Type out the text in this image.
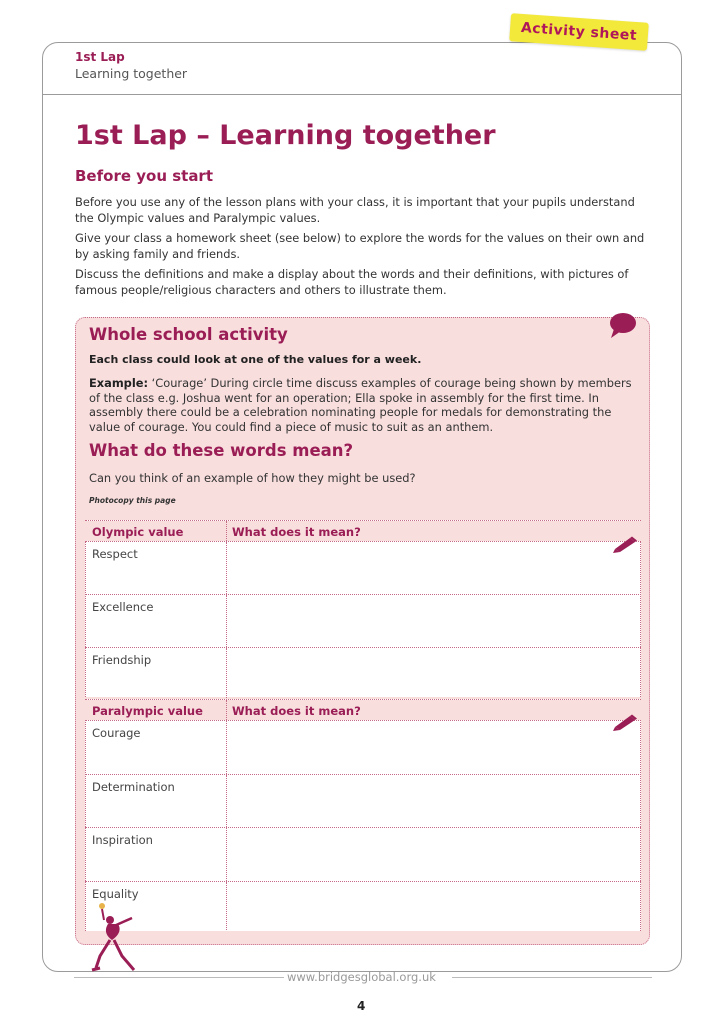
Activity sheet
1st Lap
Learning together
1st Lap – Learning together
Before you start

Before you use any of the lesson plans with your class, it is important that your pupils understand the Olympic values and Paralympic values.

Give your class a homework sheet (see below) to explore the words for the values on their own and by asking family and friends.

Discuss the definitions and make a display about the words and their definitions, with pictures of famous people/religious characters and others to illustrate them.

Whole school activity
Each class could look at one of the values for a week.
Example: ‘Courage’ During circle time discuss examples of courage being shown by members of the class e.g. Joshua went for an operation; Ella spoke in assembly for the first time. In assembly there could be a celebration nominating people for medals for demonstrating the value of courage. You could find a piece of music to suit as an anthem.
What do these words mean?
Can you think of an example of how they might be used?
Photocopy this page
Olympic value	What does it mean?
Respect
Excellence
Friendship
Paralympic value	What does it mean?
Courage
Determination
Inspiration
Equality
www.bridgesglobal.org.uk
4
